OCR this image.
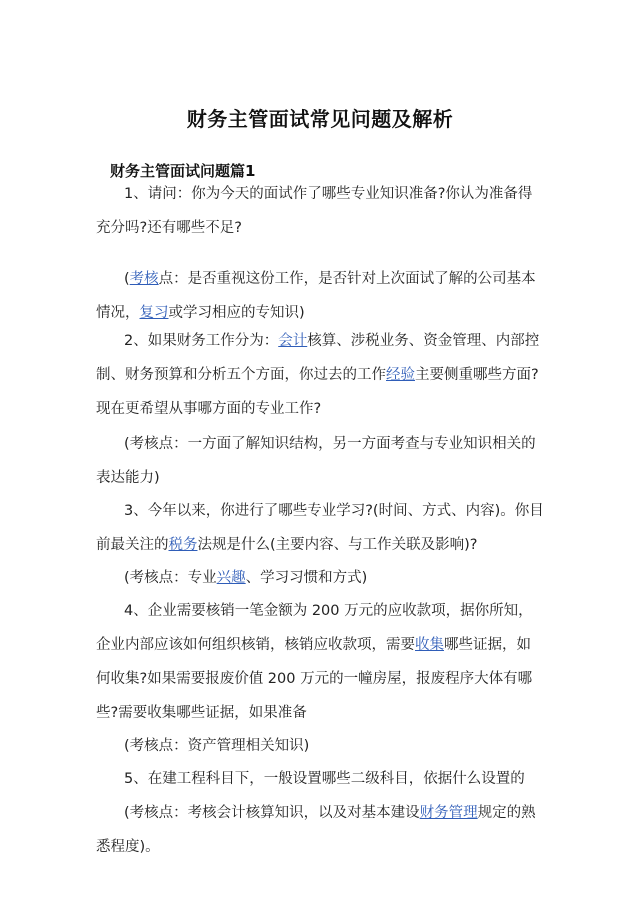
财务主管面试常见问题及解析
财务主管面试问题篇1

1、请问：你为今天的面试作了哪些专业知识准备?你认为准备得充分吗?还有哪些不足?

(考核点：是否重视这份工作，是否针对上次面试了解的公司基本情况，复习或学习相应的专知识)

2、如果财务工作分为：会计核算、涉税业务、资金管理、内部控制、财务预算和分析五个方面，你过去的工作经验主要侧重哪些方面?现在更希望从事哪方面的专业工作?

(考核点：一方面了解知识结构，另一方面考查与专业知识相关的表达能力)

3、今年以来，你进行了哪些专业学习?(时间、方式、内容)。你目前最关注的税务法规是什么(主要内容、与工作关联及影响)?

(考核点：专业兴趣、学习习惯和方式)

4、企业需要核销一笔金额为 200 万元的应收款项，据你所知，企业内部应该如何组织核销，核销应收款项，需要收集哪些证据，如何收集?如果需要报废价值 200 万元的一幢房屋，报废程序大体有哪些?需要收集哪些证据，如果准备

(考核点：资产管理相关知识)

5、在建工程科目下，一般设置哪些二级科目，依据什么设置的

(考核点：考核会计核算知识，以及对基本建设财务管理规定的熟悉程度)。
